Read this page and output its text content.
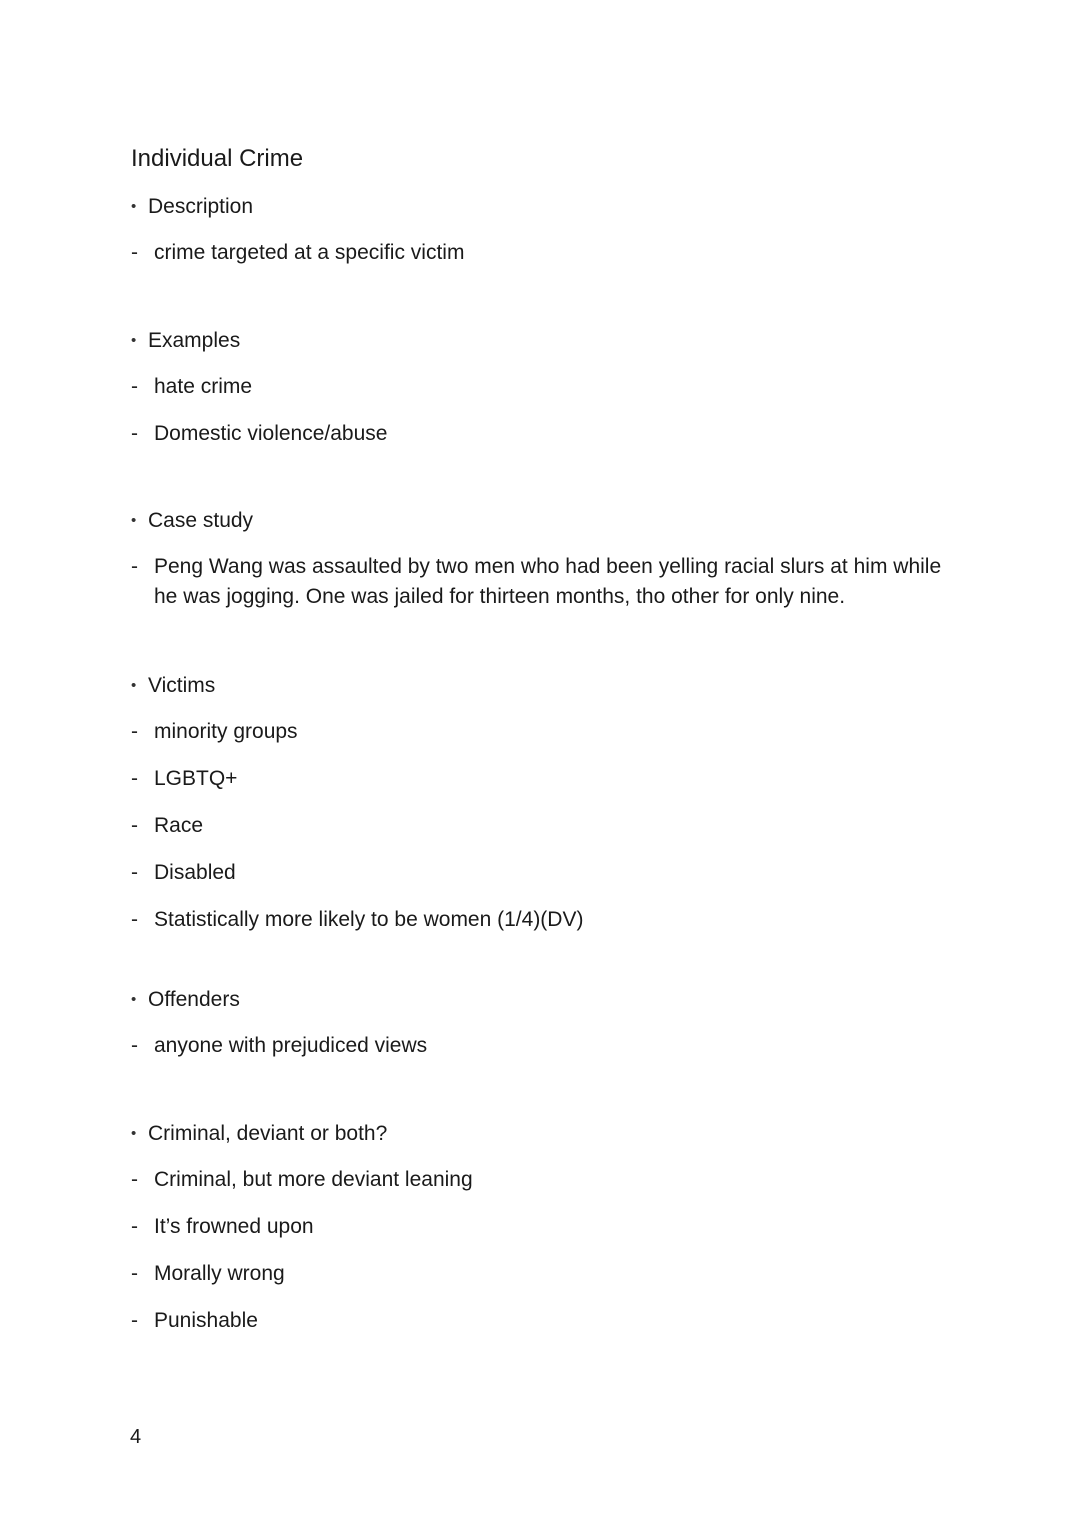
Individual Crime
• Description
- crime targeted at a specific victim
• Examples
- hate crime
- Domestic violence/abuse
• Case study
- Peng Wang was assaulted by two men who had been yelling racial slurs at him while he was jogging. One was jailed for thirteen months, tho other for only nine.
• Victims
- minority groups
- LGBTQ+
- Race
- Disabled
- Statistically more likely to be women (1/4)(DV)
• Offenders
- anyone with prejudiced views
• Criminal, deviant or both?
- Criminal, but more deviant leaning
- It’s frowned upon
- Morally wrong
- Punishable
4
